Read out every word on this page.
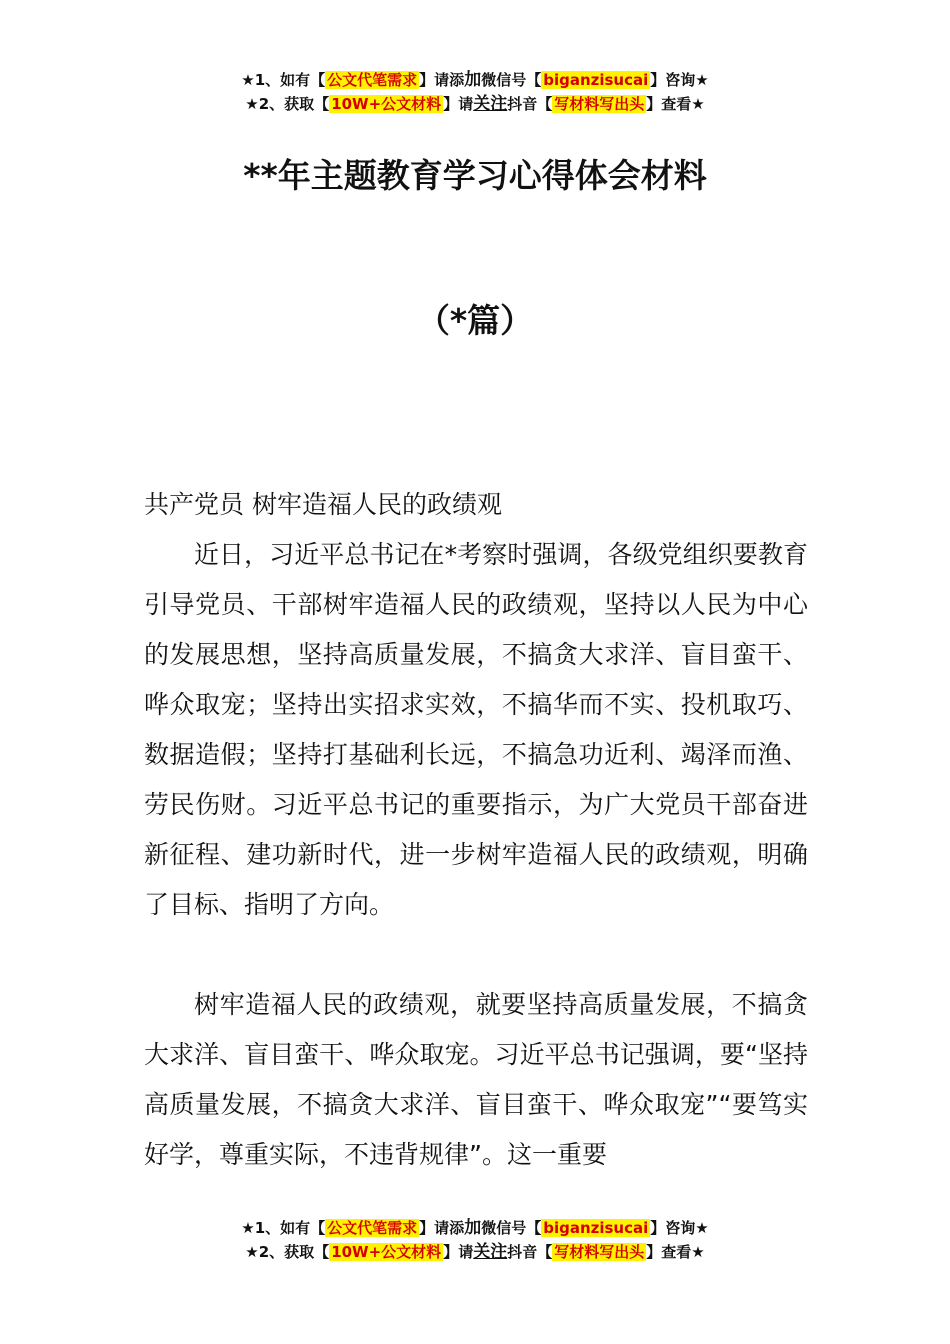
★1、如有【 公文代笔需求 】请添加微信号【 biganzisucai 】咨询★
★2、获取【 10W+公文材料 】请关注抖音【 写材料写出头 】查看★
**年主题教育学习心得体会材料
（*篇）
共产党员 树牢造福人民的政绩观

近日，习近平总书记在*考察时强调，各级党组织要教育引导党员、干部树牢造福人民的政绩观，坚持以人民为中心的发展思想，坚持高质量发展，不搞贪大求洋、盲目蛮干、哗众取宠；坚持出实招求实效，不搞华而不实、投机取巧、数据造假；坚持打基础利长远，不搞急功近利、竭泽而渔、劳民伤财。习近平总书记的重要指示，为广大党员干部奋进新征程、建功新时代，进一步树牢造福人民的政绩观，明确了目标、指明了方向。

树牢造福人民的政绩观，就要坚持高质量发展，不搞贪大求洋、盲目蛮干、哗众取宠。习近平总书记强调，要“坚持高质量发展，不搞贪大求洋、盲目蛮干、哗众取宠”“要笃实好学，尊重实际，不违背规律”。这一重要

★1、如有【 公文代笔需求 】请添加微信号【 biganzisucai 】咨询★
★2、获取【 10W+公文材料 】请关注抖音【 写材料写出头 】查看★
